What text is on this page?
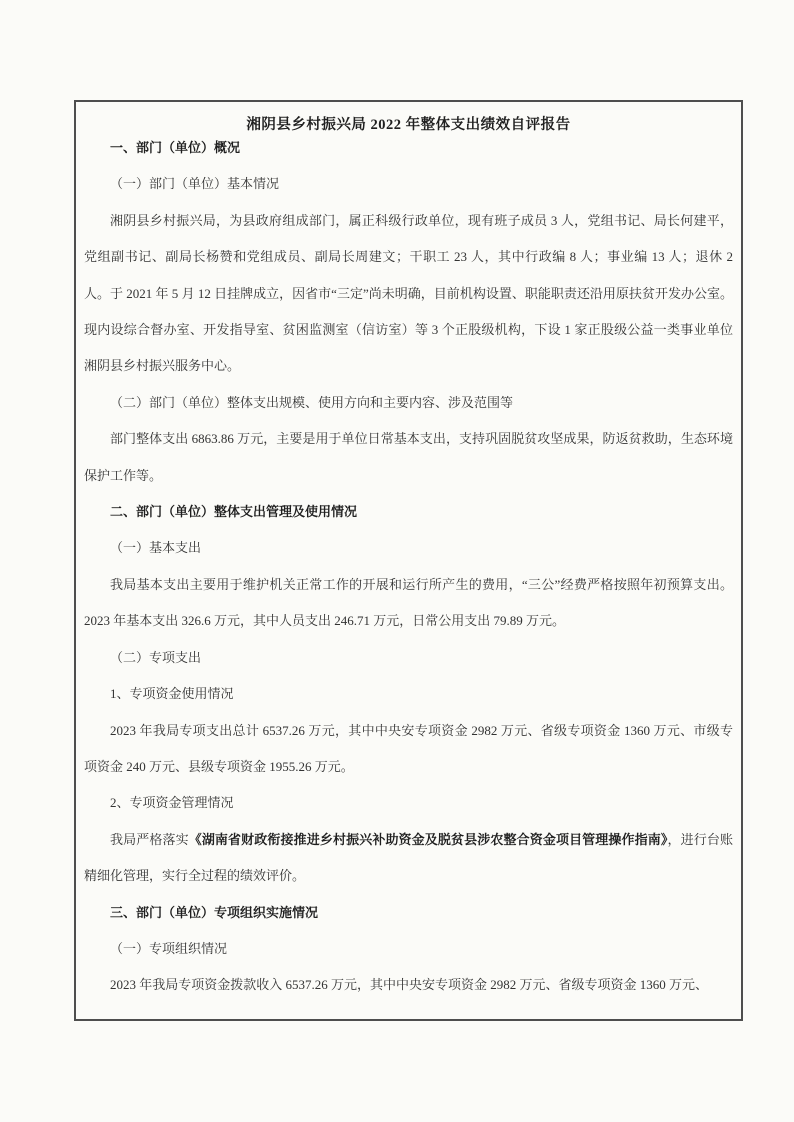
湘阴县乡村振兴局 2022 年整体支出绩效自评报告

一、部门（单位）概况

（一）部门（单位）基本情况

湘阴县乡村振兴局，为县政府组成部门，属正科级行政单位，现有班子成员 3 人，党组书记、局长何建平，党组副书记、副局长杨赞和党组成员、副局长周建文；干职工 23 人，其中行政编 8 人；事业编 13 人；退休 2 人。于 2021 年 5 月 12 日挂牌成立，因省市“三定”尚未明确，目前机构设置、职能职责还沿用原扶贫开发办公室。现内设综合督办室、开发指导室、贫困监测室（信访室）等 3 个正股级机构，下设 1 家正股级公益一类事业单位湘阴县乡村振兴服务中心。

（二）部门（单位）整体支出规模、使用方向和主要内容、涉及范围等

部门整体支出 6863.86 万元，主要是用于单位日常基本支出，支持巩固脱贫攻坚成果，防返贫救助，生态环境保护工作等。

二、部门（单位）整体支出管理及使用情况

（一）基本支出

我局基本支出主要用于维护机关正常工作的开展和运行所产生的费用，“三公”经费严格按照年初预算支出。2023 年基本支出 326.6 万元，其中人员支出 246.71 万元，日常公用支出 79.89 万元。

（二）专项支出

1、专项资金使用情况

2023 年我局专项支出总计 6537.26 万元，其中中央安专项资金 2982 万元、省级专项资金 1360 万元、市级专项资金 240 万元、县级专项资金 1955.26 万元。

2、专项资金管理情况

我局严格落实《湖南省财政衔接推进乡村振兴补助资金及脱贫县涉农整合资金项目管理操作指南》，进行台账精细化管理，实行全过程的绩效评价。

三、部门（单位）专项组织实施情况

（一）专项组织情况

2023 年我局专项资金拨款收入 6537.26 万元，其中中央安专项资金 2982 万元、省级专项资金 1360 万元、
